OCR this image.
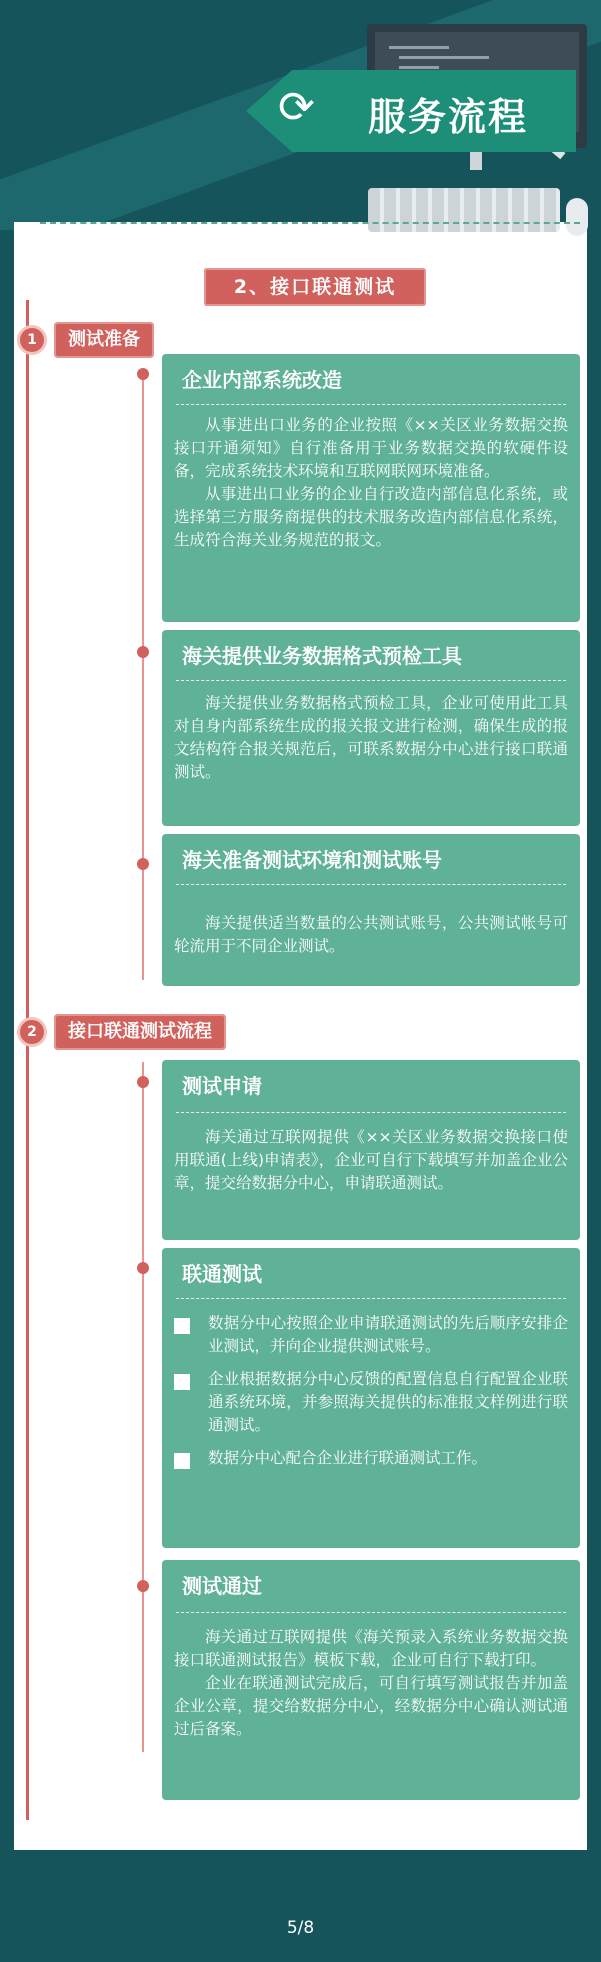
⟳ 服务流程
2、接口联通测试
1	测试准备
企业内部系统改造

从事进出口业务的企业按照《××关区业务数据交换接口开通须知》自行准备用于业务数据交换的软硬件设备，完成系统技术环境和互联网联网环境准备。

从事进出口业务的企业自行改造内部信息化系统，或选择第三方服务商提供的技术服务改造内部信息化系统，生成符合海关业务规范的报文。

海关提供业务数据格式预检工具

海关提供业务数据格式预检工具，企业可使用此工具对自身内部系统生成的报关报文进行检测，确保生成的报文结构符合报关规范后，可联系数据分中心进行接口联通测试。

海关准备测试环境和测试账号

海关提供适当数量的公共测试账号，公共测试帐号可轮流用于不同企业测试。

2	接口联通测试流程
测试申请

海关通过互联网提供《××关区业务数据交换接口使用联通(上线)申请表》，企业可自行下载填写并加盖企业公章，提交给数据分中心，申请联通测试。

联通测试
数据分中心按照企业申请联通测试的先后顺序安排企业测试，并向企业提供测试账号。
企业根据数据分中心反馈的配置信息自行配置企业联通系统环境，并参照海关提供的标准报文样例进行联通测试。
数据分中心配合企业进行联通测试工作。
测试通过

海关通过互联网提供《海关预录入系统业务数据交换接口联通测试报告》模板下载，企业可自行下载打印。

企业在联通测试完成后，可自行填写测试报告并加盖企业公章，提交给数据分中心，经数据分中心确认测试通过后备案。

5/8
